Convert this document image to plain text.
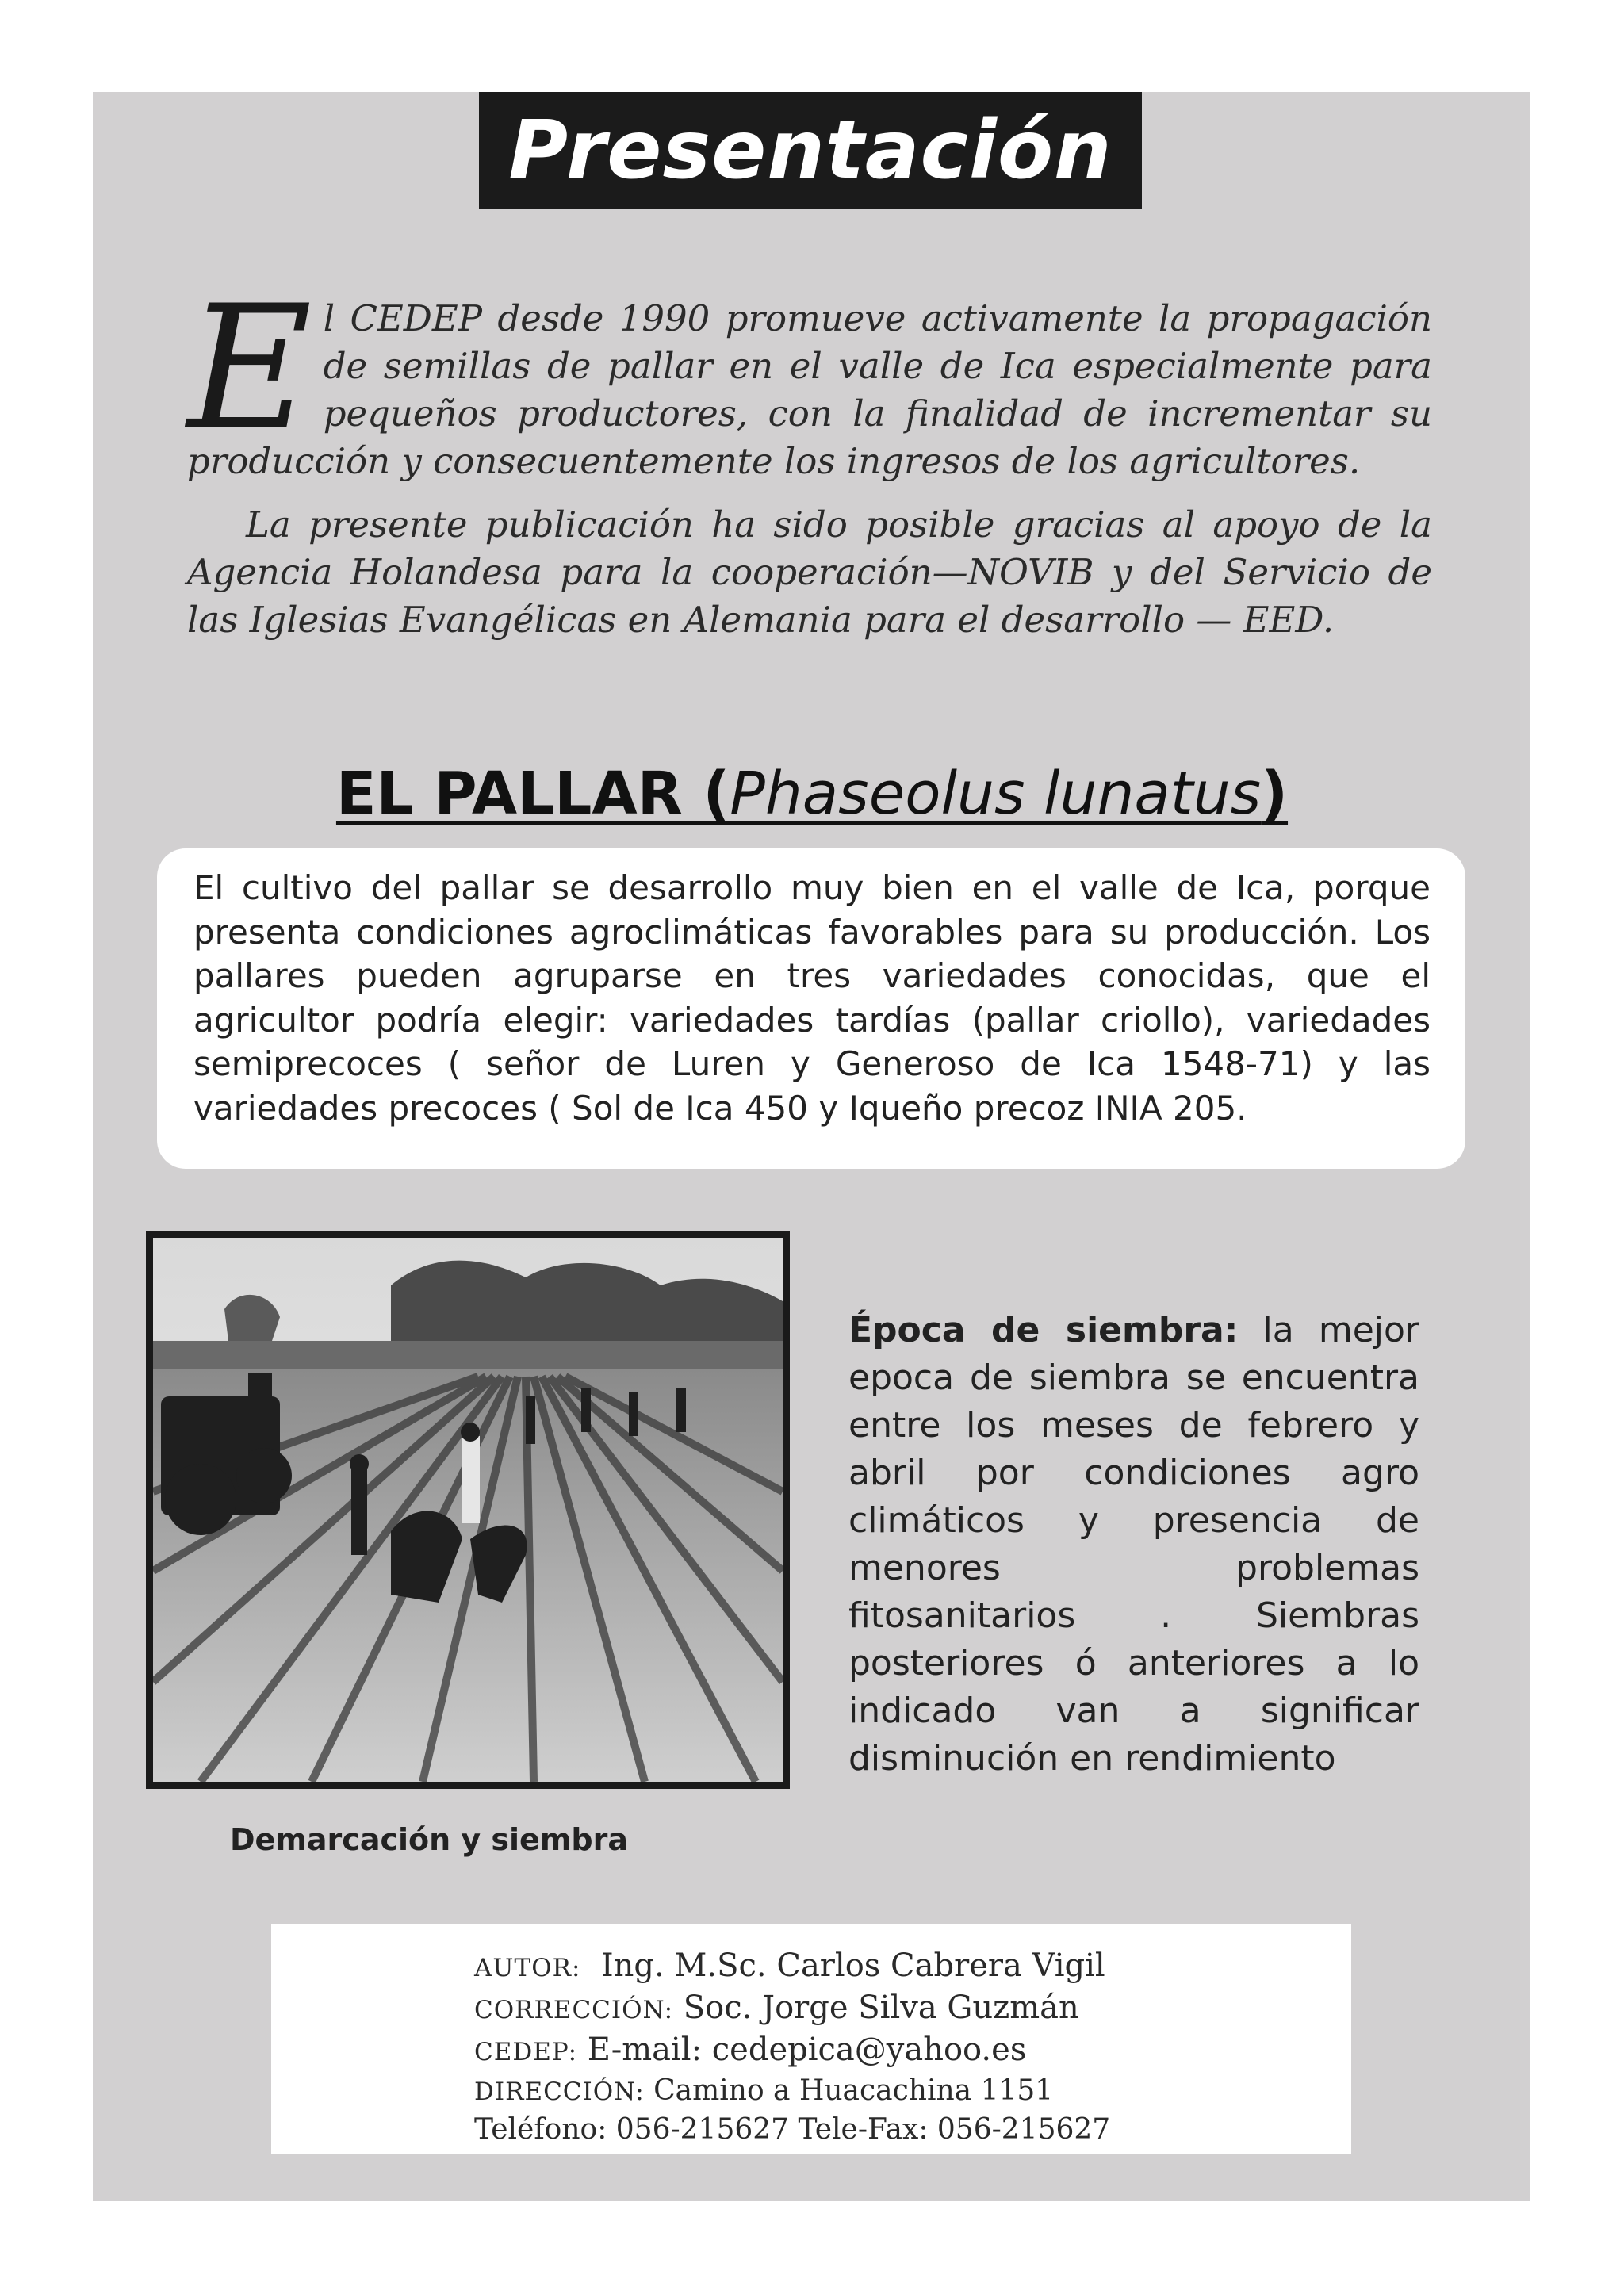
Presentación

El CEDEP desde 1990 promueve activamente la propagación de semillas de pallar en el valle de Ica especialmente para pequeños productores, con la finalidad de incrementar su producción y consecuentemente los ingresos de los agricultores.

La presente publicación ha sido posible gracias al apoyo de la Agencia Holandesa para la cooperación—NOVIB y del Servicio de las Iglesias Evangélicas en Alemania para el desarrollo — EED.

EL PALLAR (Phaseolus lunatus)

El cultivo del pallar se desarrollo muy bien en el valle de Ica, porque presenta condiciones agroclimáticas favorables para su producción. Los pallares pueden agruparse en tres variedades conocidas, que el agricultor podría elegir: variedades tardías (pallar criollo), variedades semiprecoces ( señor de Luren y Generoso de Ica 1548-71) y las variedades precoces ( Sol de Ica 450 y Iqueño precoz INIA 205.

Demarcación y siembra
Época de siembra: la mejor epoca de siembra se encuentra entre los meses de febrero y abril por condiciones agro climáticos y presencia de menores problemas fitosanitarios . Siembras posteriores ó anteriores a lo indicado van a significar disminución en rendimiento
AUTOR: Ing. M.Sc. Carlos Cabrera Vigil
CORRECCIÓN: Soc. Jorge Silva Guzmán
CEDEP: E-mail: cedepica@yahoo.es
DIRECCIÓN: Camino a Huacachina 1151
Teléfono: 056-215627 Tele-Fax: 056-215627
